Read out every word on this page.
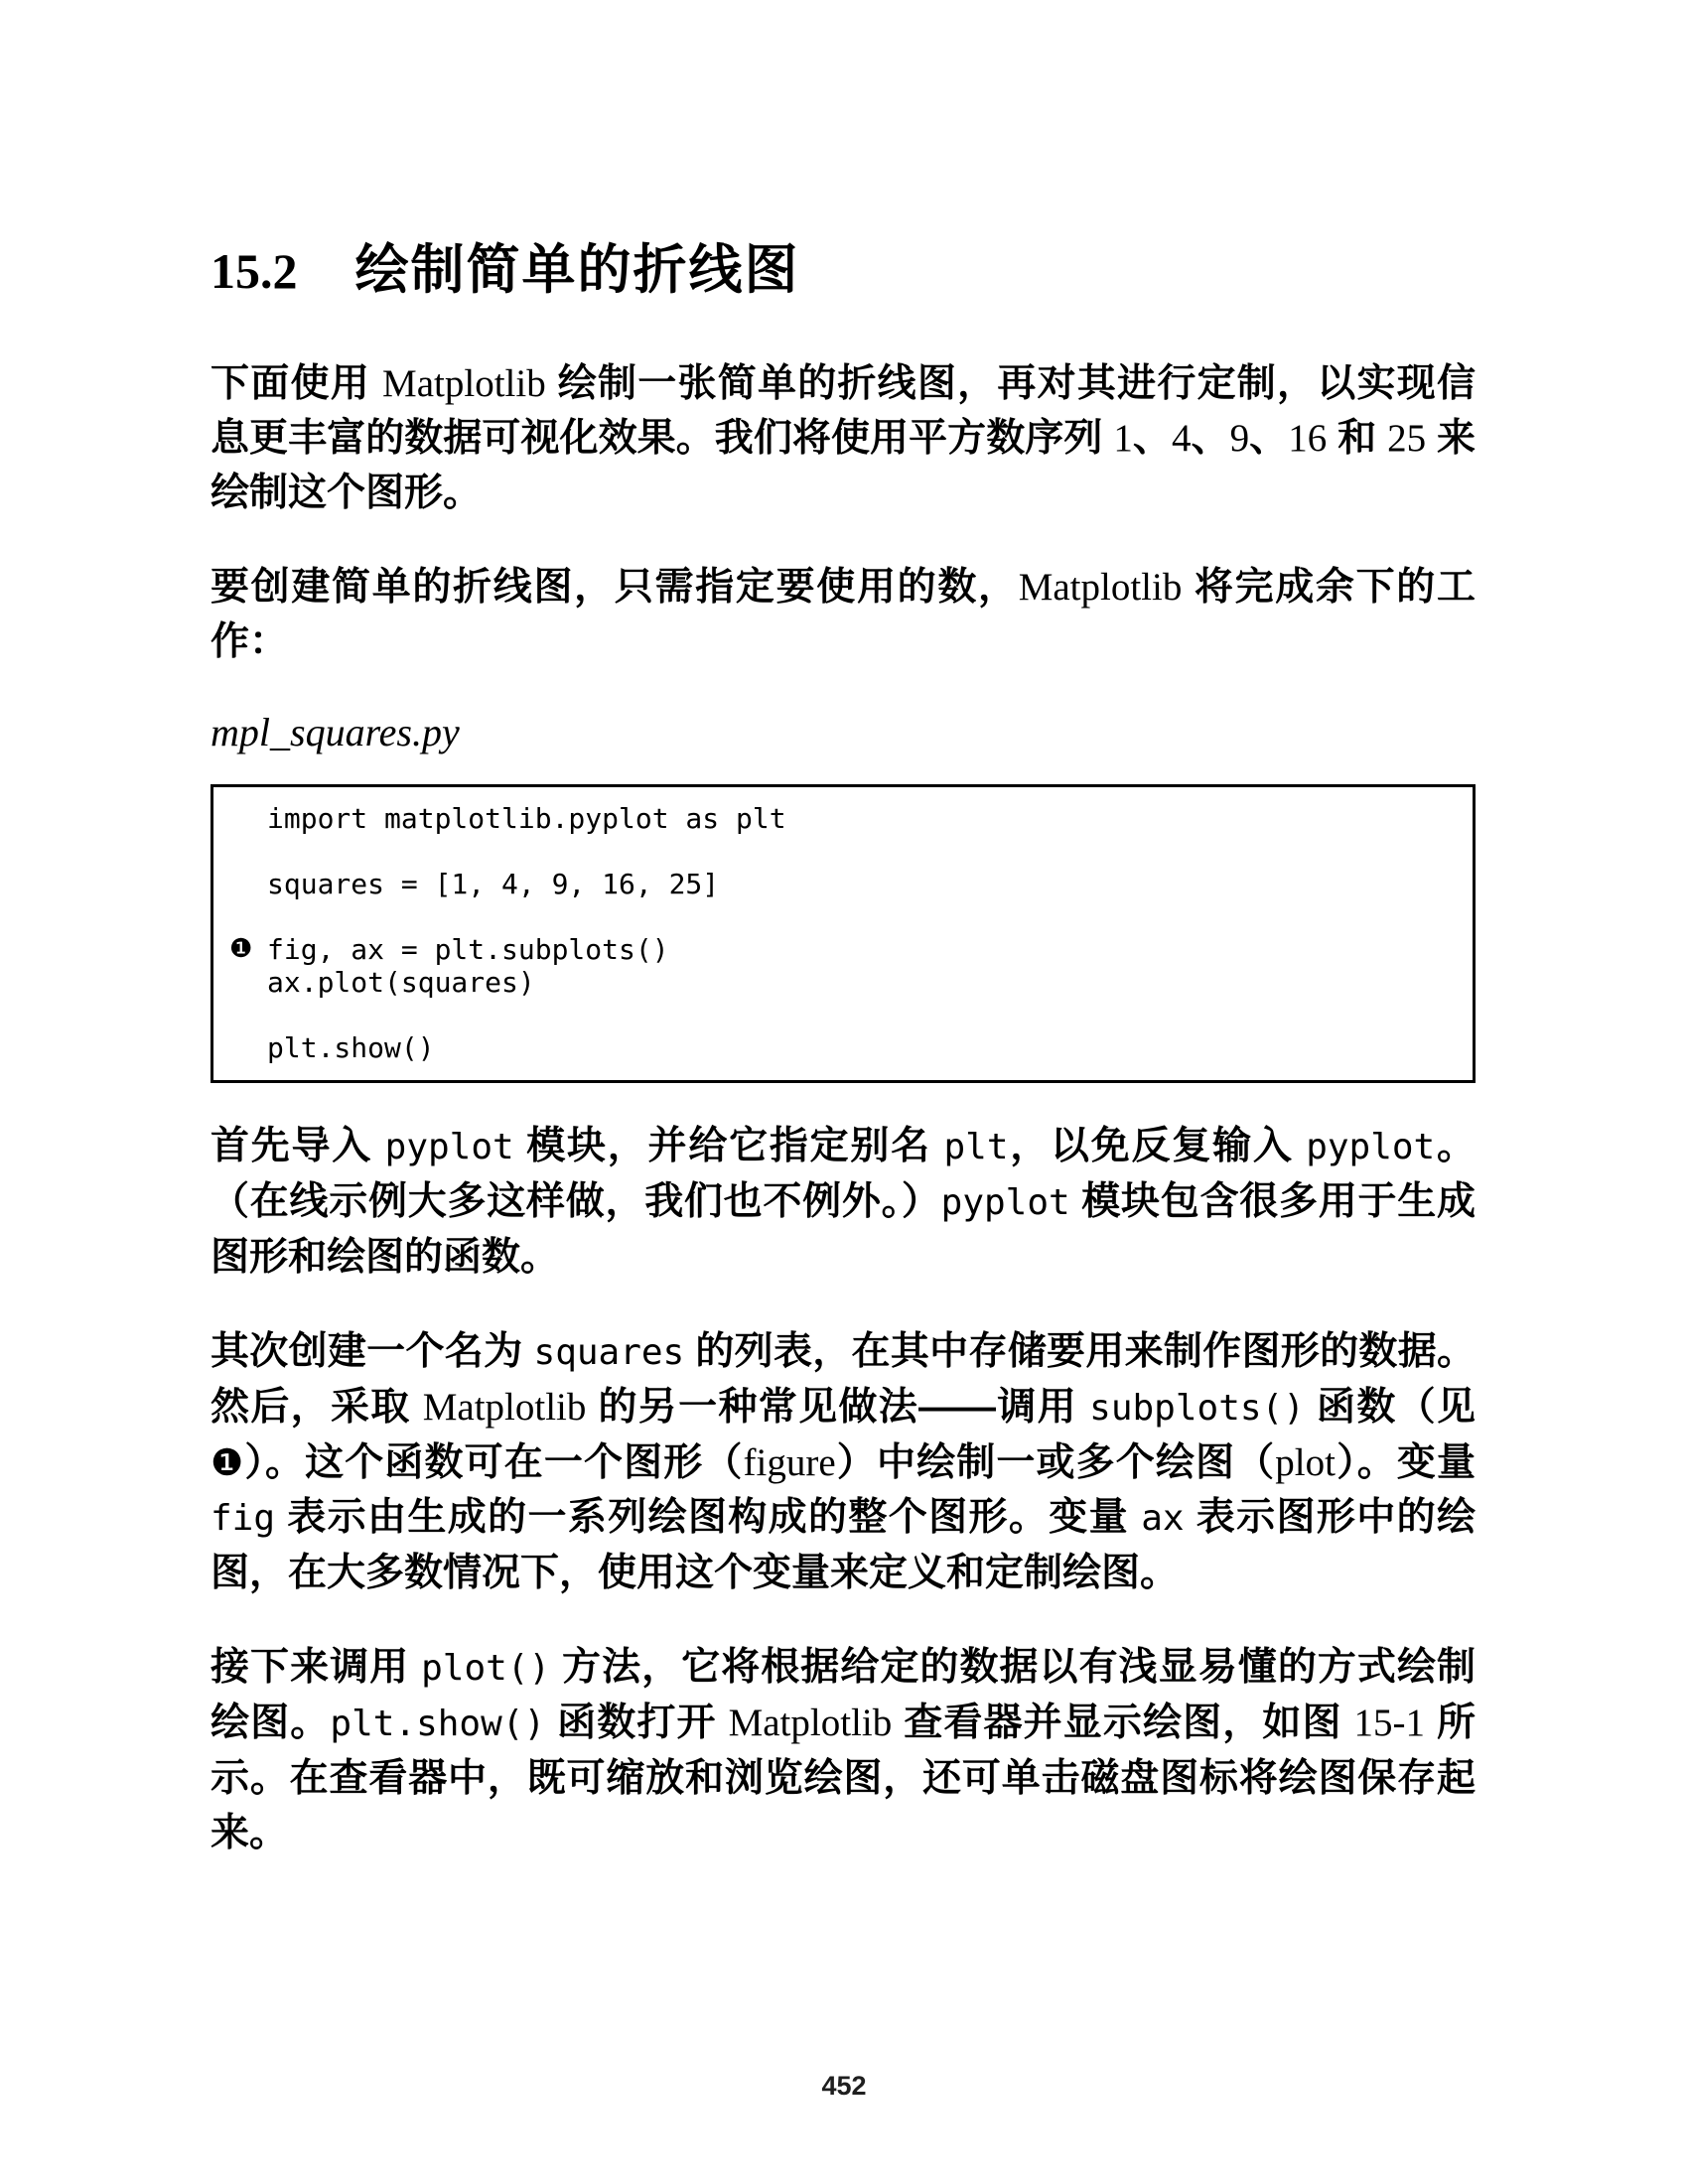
15.2 绘制简单的折线图

下面使用 Matplotlib 绘制一张简单的折线图，再对其进行定制，以实现信息更丰富的数据可视化效果。我们将使用平方数序列 1、4、9、16 和 25 来绘制这个图形。

要创建简单的折线图，只需指定要使用的数，Matplotlib 将完成余下的工作：

mpl_squares.py
import matplotlib.pyplot as plt

squares = [1, 4, 9, 16, 25]

❶ fig, ax = plt.subplots()
ax.plot(squares)

plt.show()

首先导入 pyplot 模块，并给它指定别名 plt，以免反复输入 pyplot。（在线示例大多这样做，我们也不例外。）pyplot 模块包含很多用于生成图形和绘图的函数。

其次创建一个名为 squares 的列表，在其中存储要用来制作图形的数据。然后，采取 Matplotlib 的另一种常见做法——调用 subplots() 函数（见❶）。这个函数可在一个图形（figure）中绘制一或多个绘图（plot）。变量 fig 表示由生成的一系列绘图构成的整个图形。变量 ax 表示图形中的绘图，在大多数情况下，使用这个变量来定义和定制绘图。

接下来调用 plot() 方法，它将根据给定的数据以有浅显易懂的方式绘制绘图。plt.show() 函数打开 Matplotlib 查看器并显示绘图，如图 15-1 所示。在查看器中，既可缩放和浏览绘图，还可单击磁盘图标将绘图保存起来。

452
